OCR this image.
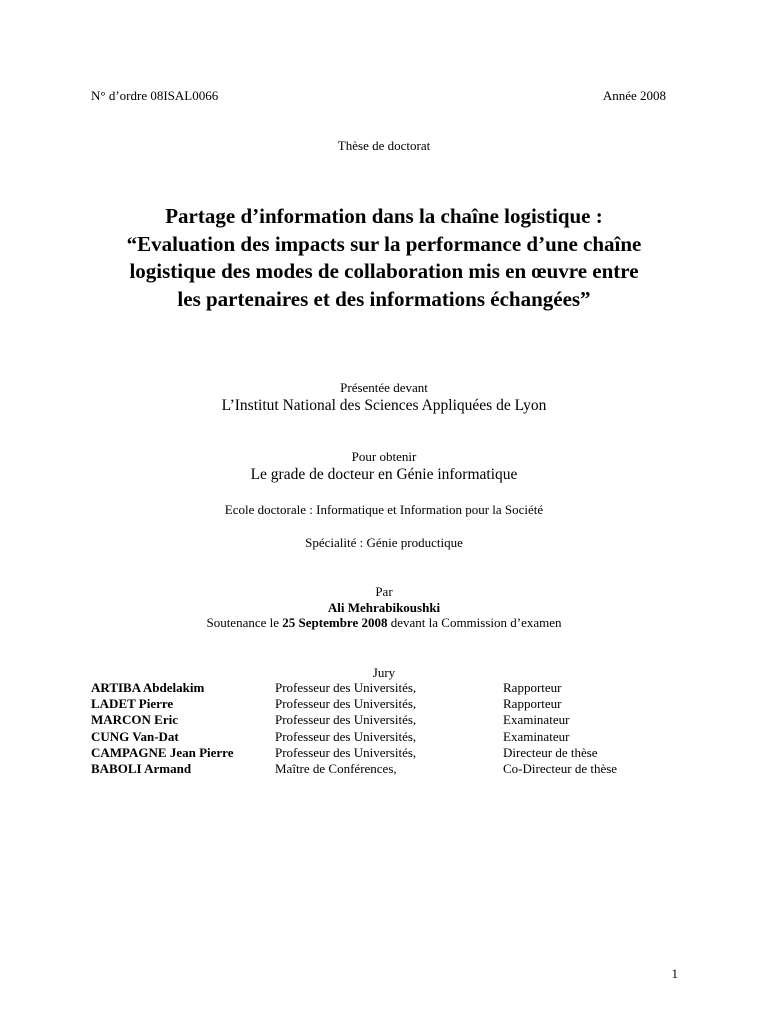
N° d’ordre 08ISAL0066	Année 2008
Thèse de doctorat
Partage d’information dans la chaîne logistique :
“Evaluation des impacts sur la performance d’une chaîne
logistique des modes de collaboration mis en œuvre entre
les partenaires et des informations échangées”
Présentée devant
L’Institut National des Sciences Appliquées de Lyon
Pour obtenir
Le grade de docteur en Génie informatique
Ecole doctorale : Informatique et Information pour la Société
Spécialité : Génie productique
Par
Ali Mehrabikoushki
Soutenance le 25 Septembre 2008 devant la Commission d’examen
Jury
ARTIBA Abdelakim	Professeur des Universités,	Rapporteur
LADET Pierre	Professeur des Universités,	Rapporteur
MARCON Eric	Professeur des Universités,	Examinateur
CUNG Van-Dat	Professeur des Universités,	Examinateur
CAMPAGNE Jean Pierre	Professeur des Universités,	Directeur de thèse
BABOLI Armand	Maître de Conférences,	Co-Directeur de thèse
1
